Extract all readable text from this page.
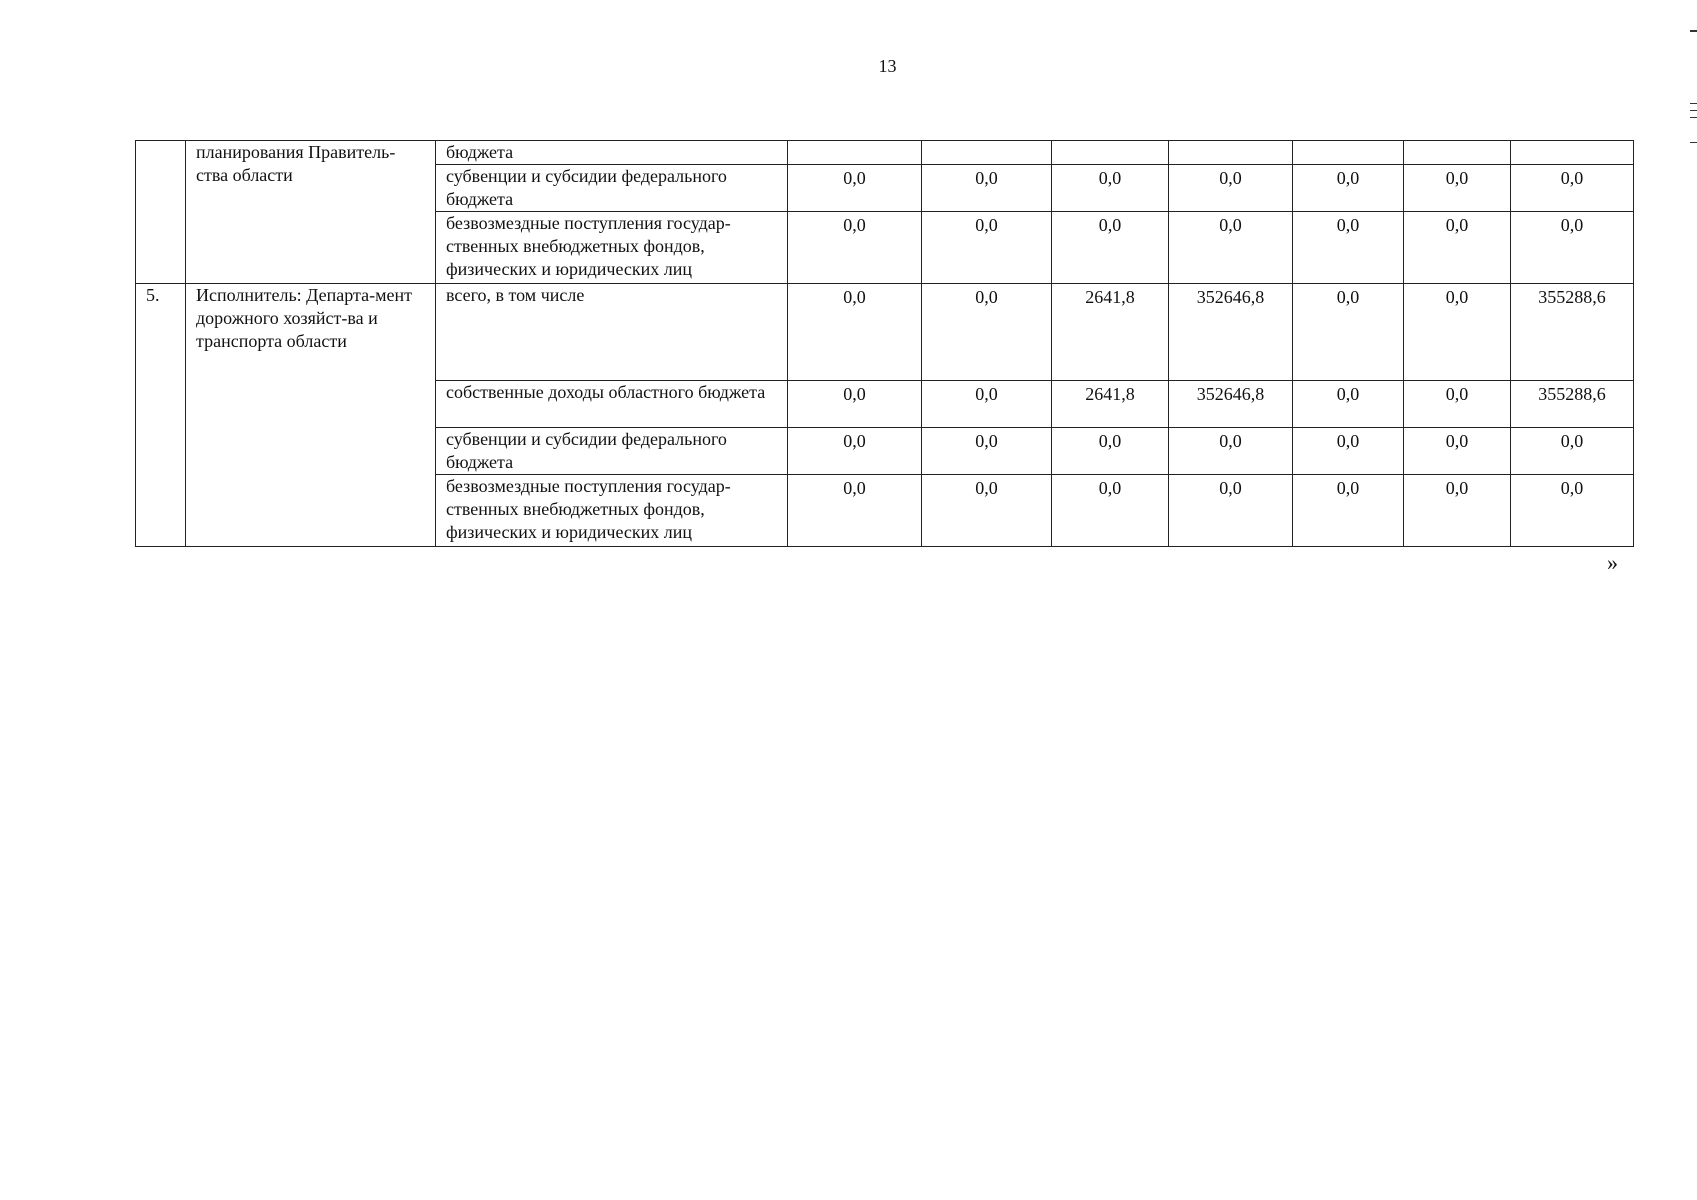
13
	планирования Правитель-ства области	бюджета							
		субвенции и субсидии федерального бюджета	0,0	0,0	0,0	0,0	0,0	0,0	0,0
		безвозмездные поступления государ-ственных внебюджетных фондов, физических и юридических лиц	0,0	0,0	0,0	0,0	0,0	0,0	0,0
5.	Исполнитель: Департа-мент дорожного хозяйст-ва и транспорта области	всего, в том числе	0,0	0,0	2641,8	352646,8	0,0	0,0	355288,6
		собственные доходы областного бюджета	0,0	0,0	2641,8	352646,8	0,0	0,0	355288,6
		субвенции и субсидии федерального бюджета	0,0	0,0	0,0	0,0	0,0	0,0	0,0
		безвозмездные поступления государ-ственных внебюджетных фондов, физических и юридических лиц	0,0	0,0	0,0	0,0	0,0	0,0	0,0
»
